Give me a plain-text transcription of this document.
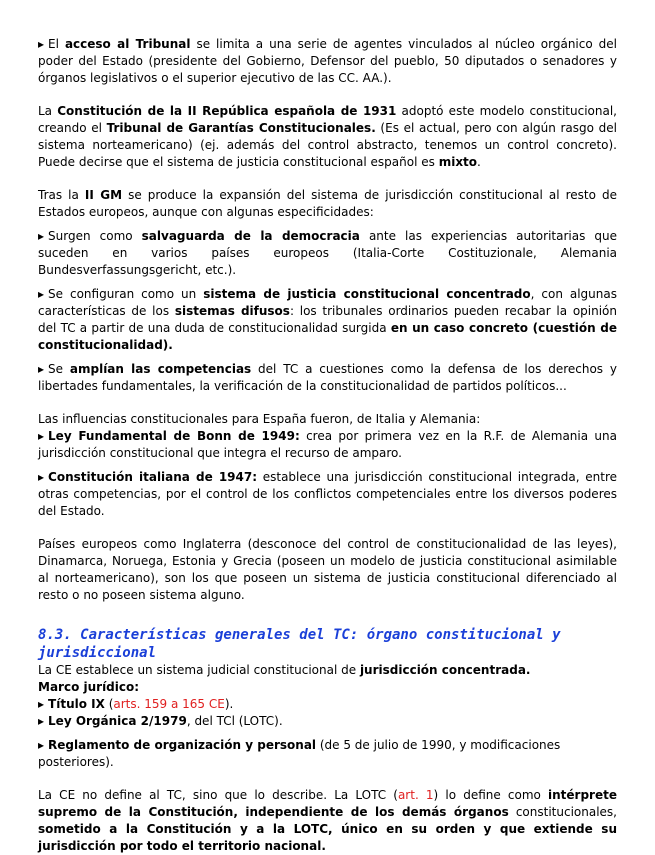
▸ El acceso al Tribunal se limita a una serie de agentes vinculados al núcleo orgánico del poder del Estado (presidente del Gobierno, Defensor del pueblo, 50 diputados o senadores y órganos legislativos o el superior ejecutivo de las CC. AA.).

La Constitución de la II República española de 1931 adoptó este modelo constitucional, creando el Tribunal de Garantías Constitucionales. (Es el actual, pero con algún rasgo del sistema norteamericano) (ej. además del control abstracto, tenemos un control concreto). Puede decirse que el sistema de justicia constitucional español es mixto.

Tras la II GM se produce la expansión del sistema de jurisdicción constitucional al resto de Estados europeos, aunque con algunas especificidades:

▸ Surgen como salvaguarda de la democracia ante las experiencias autoritarias que suceden en varios países europeos (Italia-Corte Costituzionale, Alemania Bundesverfassungsgericht, etc.).

▸ Se configuran como un sistema de justicia constitucional concentrado, con algunas características de los sistemas difusos: los tribunales ordinarios pueden recabar la opinión del TC a partir de una duda de constitucionalidad surgida en un caso concreto (cuestión de constitucionalidad).

▸ Se amplían las competencias del TC a cuestiones como la defensa de los derechos y libertades fundamentales, la verificación de la constitucionalidad de partidos políticos...

Las influencias constitucionales para España fueron, de Italia y Alemania:
▸ Ley Fundamental de Bonn de 1949: crea por primera vez en la R.F. de Alemania una jurisdicción constitucional que integra el recurso de amparo.

▸ Constitución italiana de 1947: establece una jurisdicción constitucional integrada, entre otras competencias, por el control de los conflictos competenciales entre los diversos poderes del Estado.

Países europeos como Inglaterra (desconoce del control de constitucionalidad de las leyes), Dinamarca, Noruega, Estonia y Grecia (poseen un modelo de justicia constitucional asimilable al norteamericano), son los que poseen un sistema de justicia constitucional diferenciado al resto o no poseen sistema alguno.

8.3. Características generales del TC: órgano constitucional y jurisdiccional

La CE establece un sistema judicial constitucional de jurisdicción concentrada.
Marco jurídico:
▸ Título IX (arts. 159 a 165 CE).
▸ Ley Orgánica 2/1979, del TCl (LOTC).

▸ Reglamento de organización y personal (de 5 de julio de 1990, y modificaciones posteriores).

La CE no define al TC, sino que lo describe. La LOTC (art. 1) lo define como intérprete supremo de la Constitución, independiente de los demás órganos constitucionales, sometido a la Constitución y a la LOTC, único en su orden y que extiende su jurisdicción por todo el territorio nacional.
